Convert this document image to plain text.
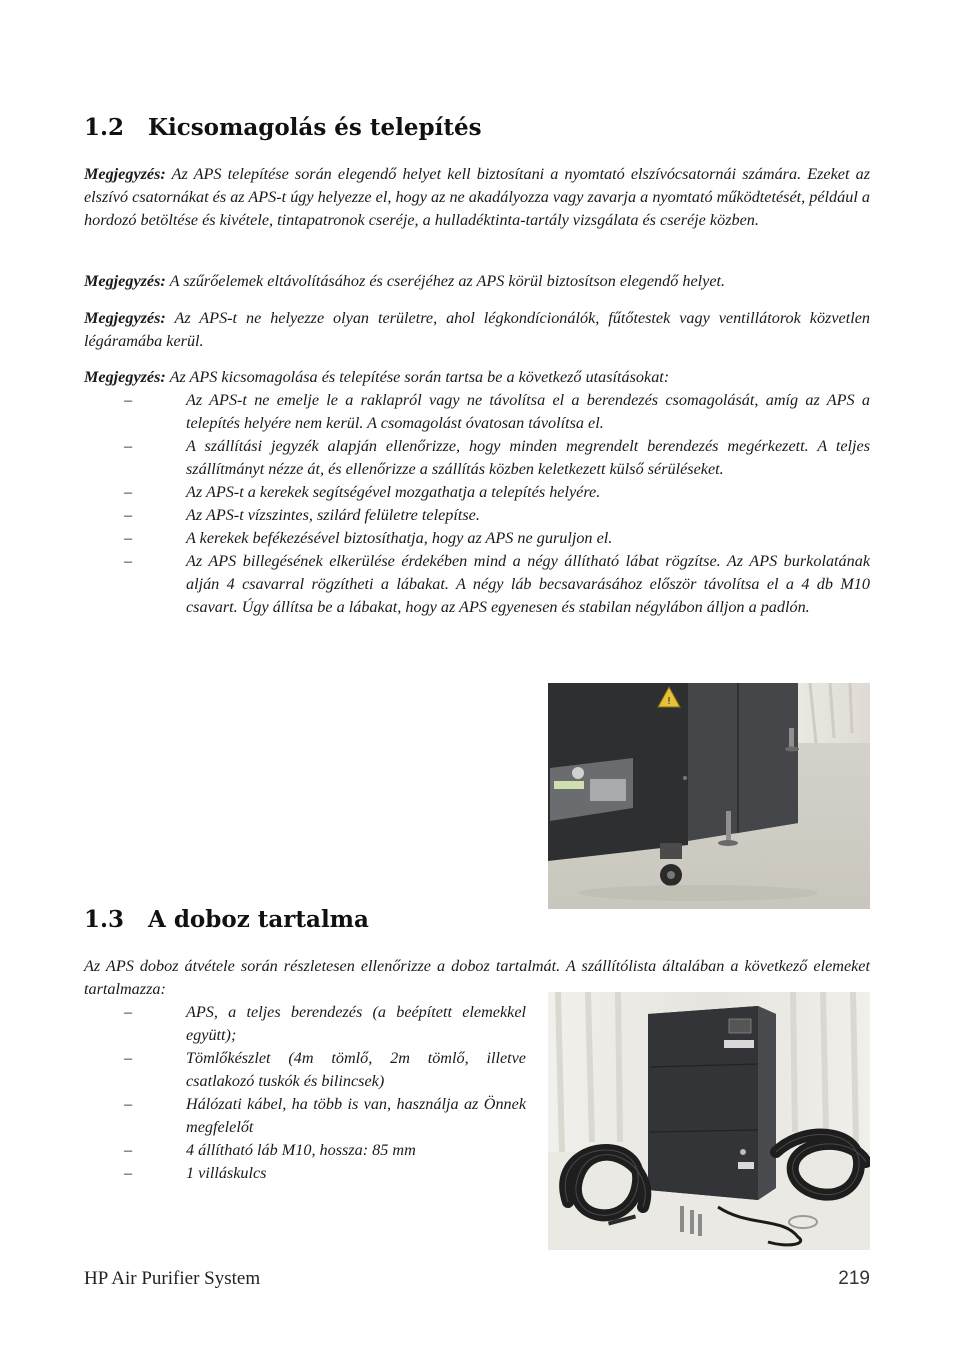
1.2 Kicsomagolás és telepítés

Megjegyzés: Az APS telepítése során elegendő helyet kell biztosítani a nyomtató elszívócsatornái számára. Ezeket az elszívó csatornákat és az APS-t úgy helyezze el, hogy az ne akadályozza vagy zavarja a nyomtató működtetését, például a hordozó betöltése és kivétele, tintapatronok cseréje, a hulladéktinta-tartály vizsgálata és cseréje közben.

Megjegyzés: A szűrőelemek eltávolításához és cseréjéhez az APS körül biztosítson elegendő helyet.

Megjegyzés: Az APS-t ne helyezze olyan területre, ahol légkondícionálók, fűtőtestek vagy ventillátorok közvetlen légáramába kerül.

Megjegyzés: Az APS kicsomagolása és telepítése során tartsa be a következő utasításokat:

–	Az APS-t ne emelje le a raklapról vagy ne távolítsa el a berendezés csomagolását, amíg az APS a telepítés helyére nem kerül. A csomagolást óvatosan távolítsa el.
–	A szállítási jegyzék alapján ellenőrizze, hogy minden megrendelt berendezés megérkezett. A teljes szállítmányt nézze át, és ellenőrizze a szállítás közben keletkezett külső sérüléseket.
–	Az APS-t a kerekek segítségével mozgathatja a telepítés helyére.
–	Az APS-t vízszintes, szilárd felületre telepítse.
–	A kerekek befékezésével biztosíthatja, hogy az APS ne guruljon el.
–	Az APS billegésének elkerülése érdekében mind a négy állítható lábat rögzítse. Az APS burkolatának alján 4 csavarral rögzítheti a lábakat. A négy láb becsavarásához először távolítsa el a 4 db M10 csavart. Úgy állítsa be a lábakat, hogy az APS egyenesen és stabilan négylábon álljon a padlón.
!
1.3 A doboz tartalma

Az APS doboz átvétele során részletesen ellenőrizze a doboz tartalmát. A szállítólista általában a következő elemeket tartalmazza:

–	APS, a teljes berendezés (a beépített elemekkel együtt);
–	Tömlőkészlet (4m tömlő, 2m tömlő, illetve csatlakozó tuskók és bilincsek)
–	Hálózati kábel, ha több is van, használja az Önnek megfelelőt
–	4 állítható láb M10, hossza: 85 mm
–	1 villáskulcs
HP Air Purifier System	219
